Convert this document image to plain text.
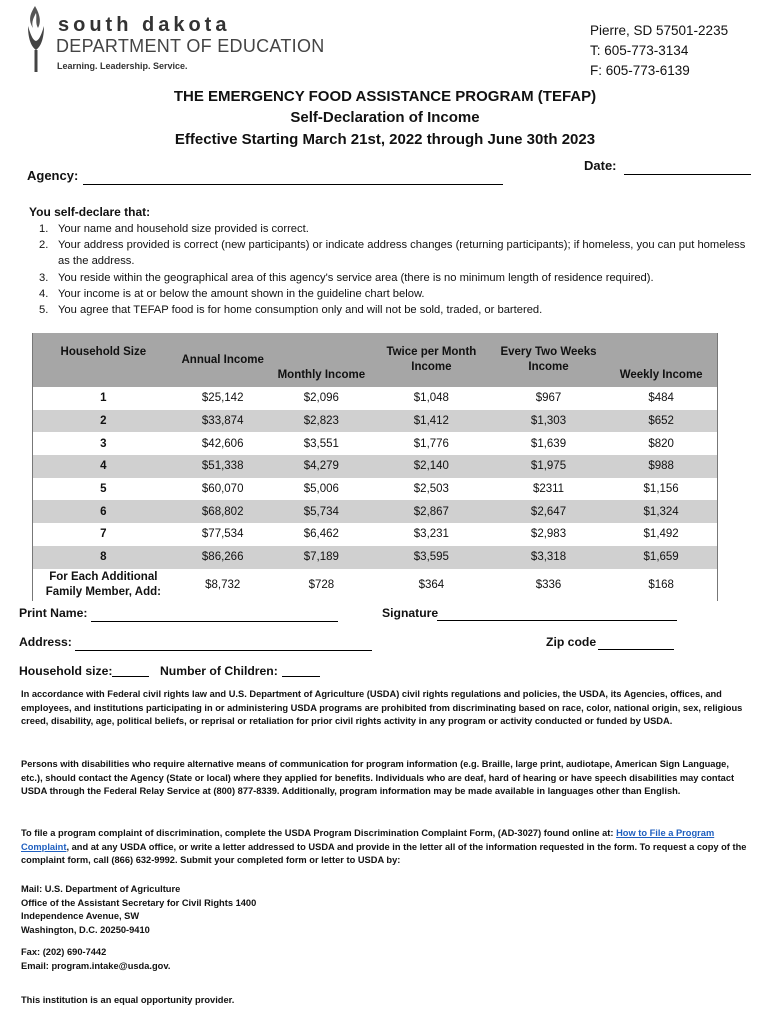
south dakota
DEPARTMENT OF EDUCATION
Learning. Leadership. Service.
Pierre, SD 57501-2235
T: 605-773-3134
F: 605-773-6139
THE EMERGENCY FOOD ASSISTANCE PROGRAM (TEFAP)
Self-Declaration of Income
Effective Starting March 21st, 2022 through June 30th 2023
Date:
Agency:
You self-declare that:
1. Your name and household size provided is correct.
2. Your address provided is correct (new participants) or indicate address changes (returning participants); if homeless, you can put homeless as the address.
3. You reside within the geographical area of this agency's service area (there is no minimum length of residence required).
4. Your income is at or below the amount shown in the guideline chart below.
5. You agree that TEFAP food is for home consumption only and will not be sold, traded, or bartered.
Household Size	Annual Income	Monthly Income	Twice per Month Income	Every Two Weeks Income	Weekly Income
1	$25,142	$2,096	$1,048	$967	$484
2	$33,874	$2,823	$1,412	$1,303	$652
3	$42,606	$3,551	$1,776	$1,639	$820
4	$51,338	$4,279	$2,140	$1,975	$988
5	$60,070	$5,006	$2,503	$2311	$1,156
6	$68,802	$5,734	$2,867	$2,647	$1,324
7	$77,534	$6,462	$3,231	$2,983	$1,492
8	$86,266	$7,189	$3,595	$3,318	$1,659
For Each Additional Family Member, Add:	$8,732	$728	$364	$336	$168
Print Name:	Signature
Address:	Zip code
Household size:	Number of Children:
In accordance with Federal civil rights law and U.S. Department of Agriculture (USDA) civil rights regulations and policies, the USDA, its Agencies, offices, and employees, and institutions participating in or administering USDA programs are prohibited from discriminating based on race, color, national origin, sex, religious creed, disability, age, political beliefs, or reprisal or retaliation for prior civil rights activity in any program or activity conducted or funded by USDA.
Persons with disabilities who require alternative means of communication for program information (e.g. Braille, large print, audiotape, American Sign Language, etc.), should contact the Agency (State or local) where they applied for benefits. Individuals who are deaf, hard of hearing or have speech disabilities may contact USDA through the Federal Relay Service at (800) 877-8339. Additionally, program information may be made available in languages other than English.
To file a program complaint of discrimination, complete the USDA Program Discrimination Complaint Form, (AD-3027) found online at: How to File a Program Complaint, and at any USDA office, or write a letter addressed to USDA and provide in the letter all of the information requested in the form. To request a copy of the complaint form, call (866) 632-9992. Submit your completed form or letter to USDA by:
Mail: U.S. Department of Agriculture
Office of the Assistant Secretary for Civil Rights 1400
Independence Avenue, SW
Washington, D.C. 20250-9410
Fax: (202) 690-7442
Email: program.intake@usda.gov.
This institution is an equal opportunity provider.
